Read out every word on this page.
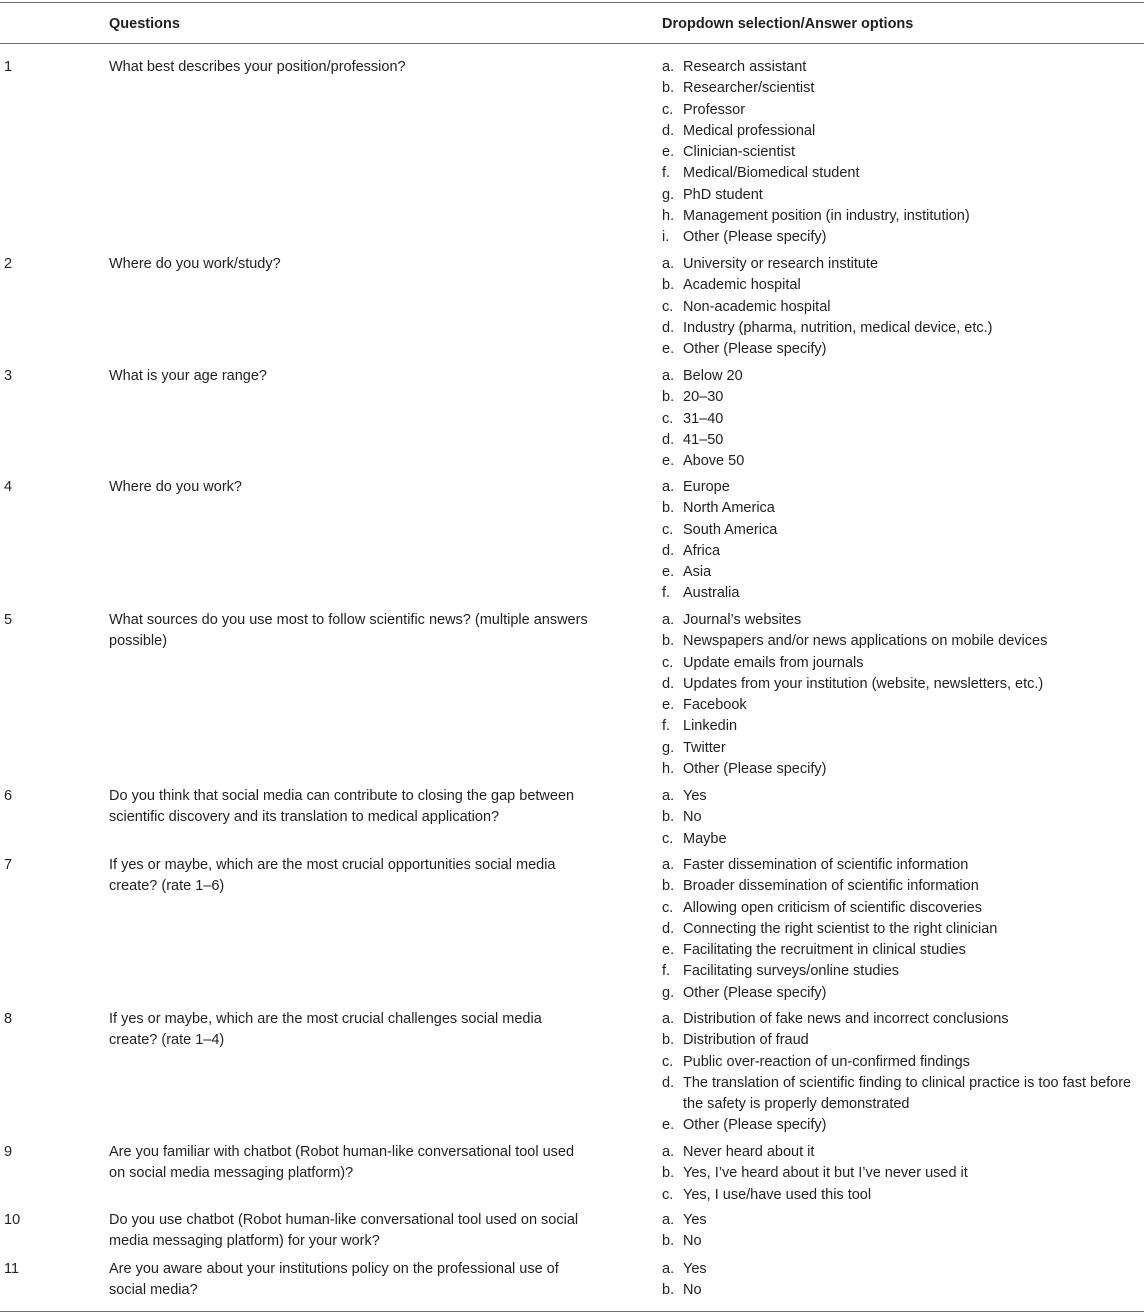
Questions	Dropdown selection/Answer options
1	What best describes your position/profession?	a. Research assistant
b. Researcher/scientist
c. Professor
d. Medical professional
e. Clinician-scientist
f. Medical/Biomedical student
g. PhD student
h. Management position (in industry, institution)
i. Other (Please specify)
2	Where do you work/study?	a. University or research institute
b. Academic hospital
c. Non-academic hospital
d. Industry (pharma, nutrition, medical device, etc.)
e. Other (Please specify)
3	What is your age range?	a. Below 20
b. 20–30
c. 31–40
d. 41–50
e. Above 50
4	Where do you work?	a. Europe
b. North America
c. South America
d. Africa
e. Asia
f. Australia
5	What sources do you use most to follow scientific news? (multiple answers possible)
a. Journal’s websites
b. Newspapers and/or news applications on mobile devices
c. Update emails from journals
d. Updates from your institution (website, newsletters, etc.)
e. Facebook
f. Linkedin
g. Twitter
h. Other (Please specify)
6	Do you think that social media can contribute to closing the gap between scientific discovery and its translation to medical application?
a. Yes
b. No
c. Maybe
7	If yes or maybe, which are the most crucial opportunities social media create? (rate 1–6)
a. Faster dissemination of scientific information
b. Broader dissemination of scientific information
c. Allowing open criticism of scientific discoveries
d. Connecting the right scientist to the right clinician
e. Facilitating the recruitment in clinical studies
f. Facilitating surveys/online studies
g. Other (Please specify)
8	If yes or maybe, which are the most crucial challenges social media create? (rate 1–4)
a. Distribution of fake news and incorrect conclusions
b. Distribution of fraud
c. Public over-reaction of un-confirmed findings
d. The translation of scientific finding to clinical practice is too fast before the safety is properly demonstrated
e. Other (Please specify)
9	Are you familiar with chatbot (Robot human-like conversational tool used on social media messaging platform)?
a. Never heard about it
b. Yes, I’ve heard about it but I’ve never used it
c. Yes, I use/have used this tool
10	Do you use chatbot (Robot human-like conversational tool used on social media messaging platform) for your work?
a. Yes
b. No
11	Are you aware about your institutions policy on the professional use of social media?
a. Yes
b. No
